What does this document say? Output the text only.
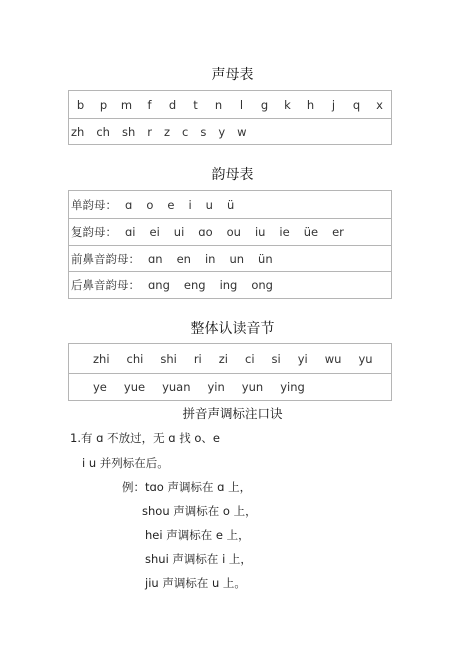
声母表
b	p	m	f	d	t	n	l	g	k	h	j	q	x
zh ch sh r z c s y w
韵母表
单韵母： ɑ o e i u ü
复韵母： ɑi ei ui ɑo ou iu ie üe er
前鼻音韵母： ɑn en in un ün
后鼻音韵母： ɑng eng ing ong
整体认读音节
zhi chi shi ri zi ci si yi wu yu
ye yue yuan yin yun ying
拼音声调标注口诀
1.有 ɑ 不放过，无 ɑ 找 o、e
i u 并列标在后。
例：tɑo 声调标在 ɑ 上，
shou 声调标在 o 上，
hei 声调标在 e 上，
shui 声调标在 i 上，
jiu 声调标在 u 上。
